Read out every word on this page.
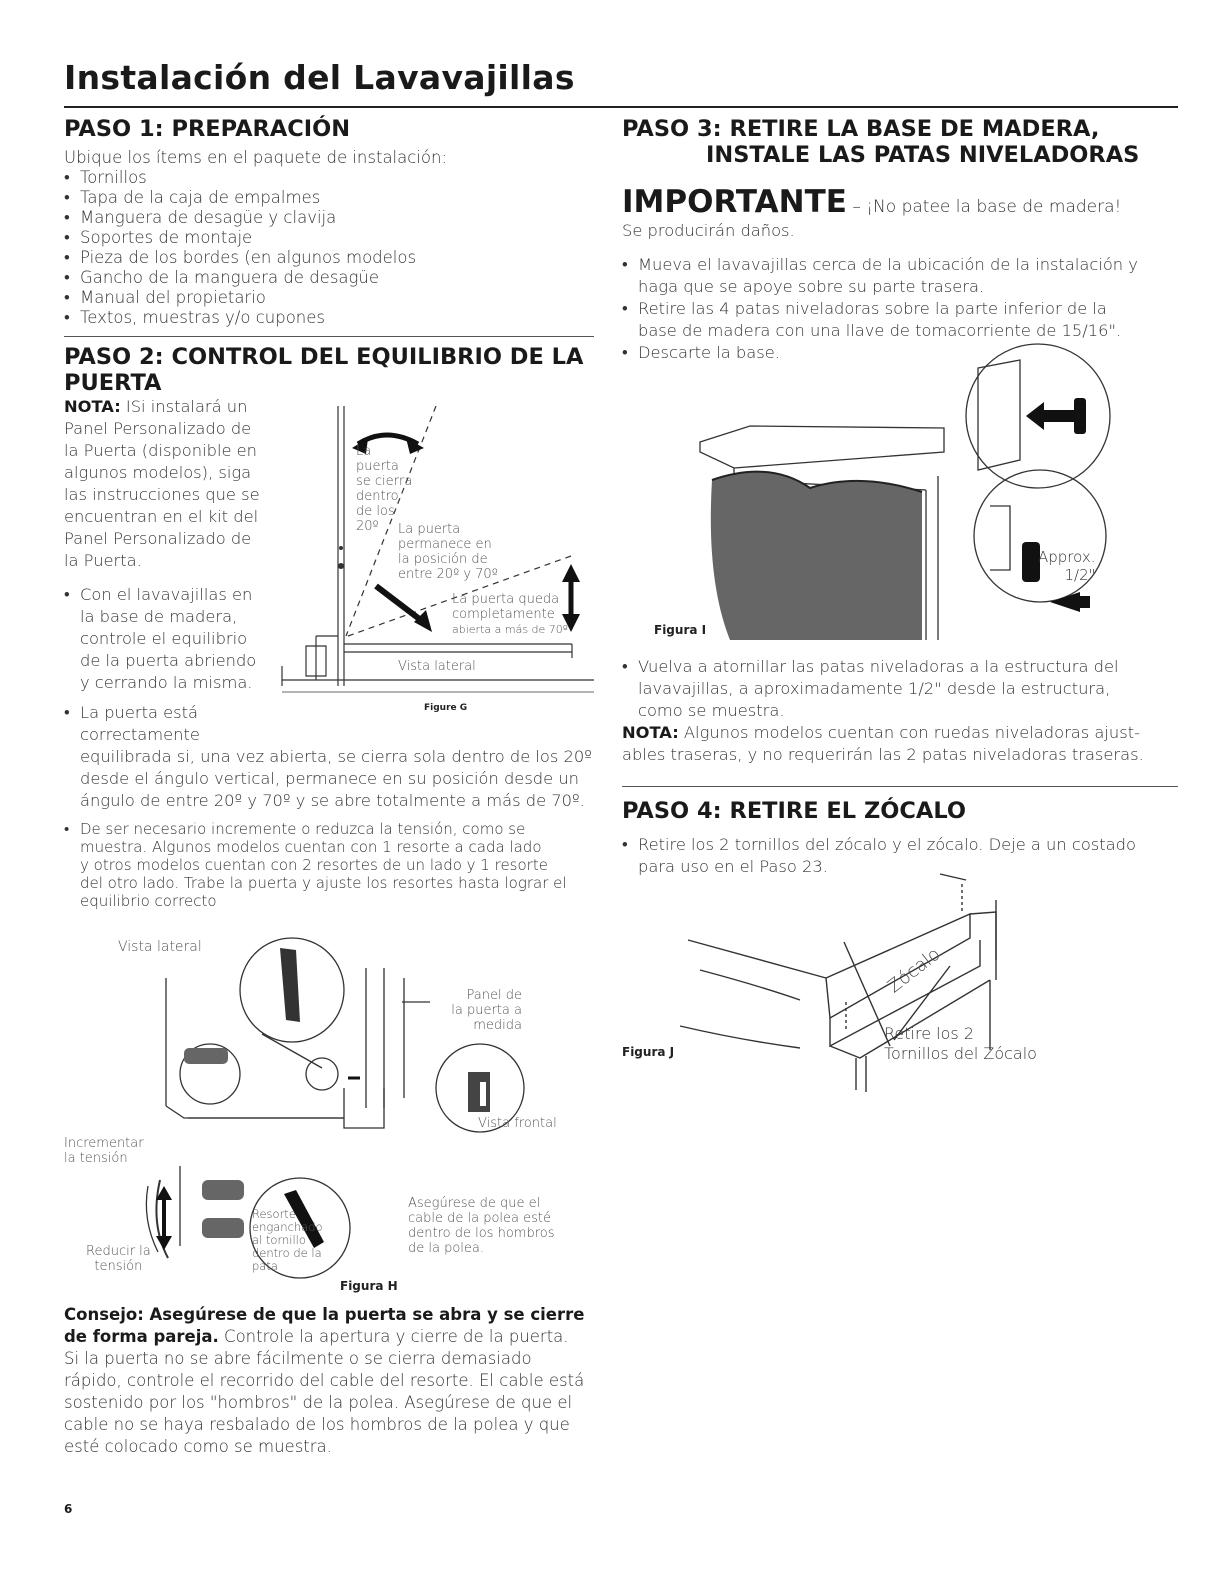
Instalación del Lavavajillas
PASO 1: PREPARACIÓN
Ubique los ítems en el paquete de instalación:
• Tornillos
• Tapa de la caja de empalmes
• Manguera de desagüe y clavija
• Soportes de montaje
• Pieza de los bordes (en algunos modelos
• Gancho de la manguera de desagüe
• Manual del propietario
• Textos, muestras y/o cupones
PASO 2: CONTROL DEL EQUILIBRIO DE LA
PUERTA
NOTA: ISi instalará un
Panel Personalizado de
la Puerta (disponible en
algunos modelos), siga
las instrucciones que se
encuentran en el kit del
Panel Personalizado de
la Puerta.
• Con el lavavajillas en
la base de madera,
controle el equilibrio
de la puerta abriendo
y cerrando la misma.
• La puerta está
correctamente
equilibrada si, una vez abierta, se cierra sola dentro de los 20º
desde el ángulo vertical, permanece en su posición desde un
ángulo de entre 20º y 70º y se abre totalmente a más de 70º.
• De ser necesario incremente o reduzca la tensión, como se
muestra. Algunos modelos cuentan con 1 resorte a cada lado
y otros modelos cuentan con 2 resortes de un lado y 1 resorte
del otro lado. Trabe la puerta y ajuste los resortes hasta lograr el
equilibrio correcto
La
puerta
se cierra
dentro
de los
20º	La puerta
permanece en
la posición de
entre 20º y 70º
La puerta queda
completamente
abierta a más de 70º
Vista lateral
Figure G
Vista lateral
Panel de
la puerta a
medida
Vista frontal
Incrementar
la tensión
Reducir la
tensión
Resorte
enganchado
al tornillo
dentro de la
pata
Asegúrese de que el
cable de la polea esté
dentro de los hombros
de la polea.
Figura H
Consejo: Asegúrese de que la puerta se abra y se cierre
de forma pareja. Controle la apertura y cierre de la puerta.
Si la puerta no se abre fácilmente o se cierra demasiado
rápido, controle el recorrido del cable del resorte. El cable está
sostenido por los "hombros" de la polea. Asegúrese de que el
cable no se haya resbalado de los hombros de la polea y que
esté colocado como se muestra.
6
PASO 3: RETIRE LA BASE DE MADERA,
INSTALE LAS PATAS NIVELADORAS
IMPORTANTE – ¡No patee la base de madera!
Se producirán daños.
• Mueva el lavavajillas cerca de la ubicación de la instalación y
haga que se apoye sobre su parte trasera.
• Retire las 4 patas niveladoras sobre la parte inferior de la
base de madera con una llave de tomacorriente de 15/16".
• Descarte la base.
Approx.
1/2"
Figura I
• Vuelva a atornillar las patas niveladoras a la estructura del
lavavajillas, a aproximadamente 1/2" desde la estructura,
como se muestra.
NOTA: Algunos modelos cuentan con ruedas niveladoras ajust-
ables traseras, y no requerirán las 2 patas niveladoras traseras.
PASO 4: RETIRE EL ZÓCALO
• Retire los 2 tornillos del zócalo y el zócalo. Deje a un costado
para uso en el Paso 23.
Zócalo
Retire los 2
Tornillos del Zócalo
Figura J
